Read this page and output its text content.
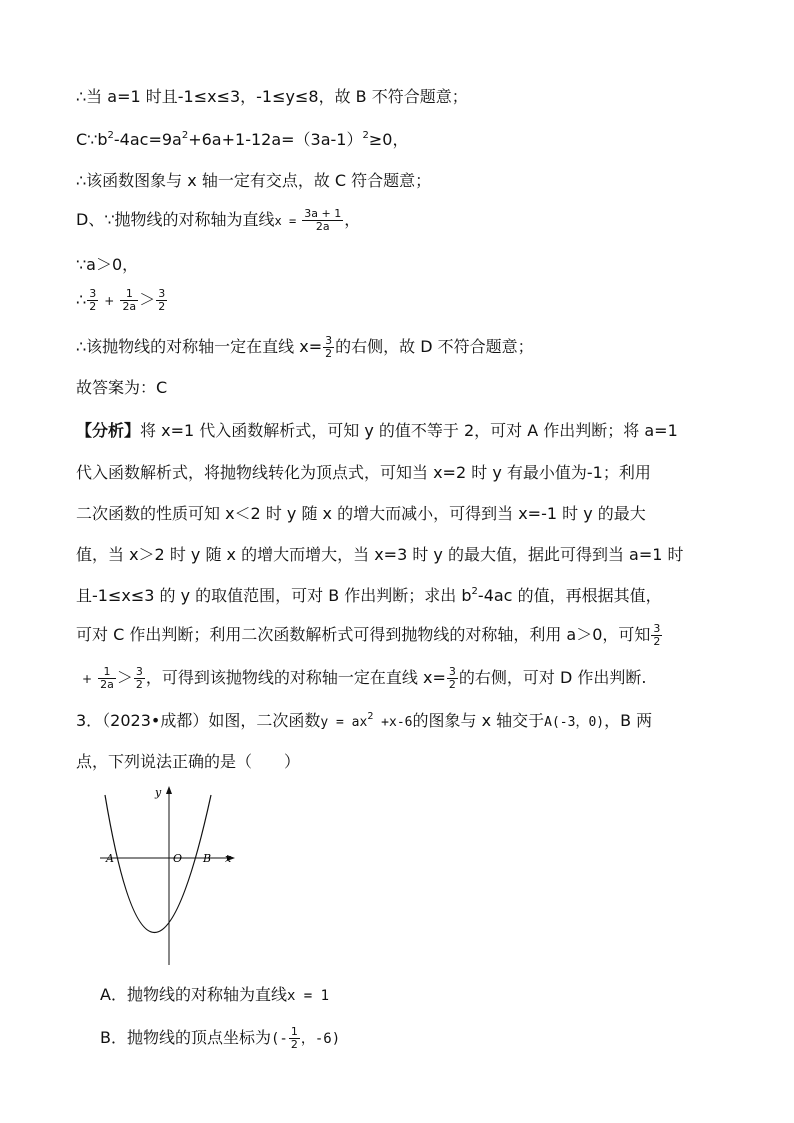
∴当 a=1 时且-1≤x≤3，-1≤y≤8，故 B 不符合题意；
$C\because b^2-4ac=9a^2+6a+1-12a=(3a-1)^2\ge 0$，
∴该函数图象与 x 轴一定有交点，故 C 符合题意；
D、∵抛物线的对称轴为直线$x = \frac{3a + 1}{2a}$ ，
∵a＞0，
∴ $\frac{3}{2} + \frac{1}{2a} > \frac{3}{2}$
∴该抛物线的对称轴一定在直线 $x= \frac{3}{2}$ 的右侧，故 D 不符合题意；
故答案为：C
【分析】将 x=1 代入函数解析式，可知 y 的值不等于 2，可对 A 作出判断；将 a=1
代入函数解析式，将抛物线转化为顶点式，可知当 x=2 时 y 有最小值为-1；利用
二次函数的性质可知 x＜2 时 y 随 x 的增大而减小，可得到当 x=-1 时 y 的最大
值，当 x＞2 时 y 随 x 的增大而增大，当 x=3 时 y 的最大值，据此可得到当 a=1 时
且-1≤x≤3 的 y 的取值范围，可对 B 作出判断；求出 $b^2-4ac$ 的值，再根据其值，
可对 C 作出判断；利用二次函数解析式可得到抛物线的对称轴，利用 a＞0，可知 $\frac{3}{2}$
+ $\frac{1}{2a} > \frac{3}{2}$ ，可得到该抛物线的对称轴一定在直线 $x= \frac{3}{2}$ 的右侧，可对 D 作出判断.
3．（2023•成都）如图，二次函数$y = ax^2 +x-6$的图象与 x 轴交于A(-3，0)，B 两
点，下列说法正确的是（　　）
y
x
O
A	B
A．抛物线的对称轴为直线x = 1
B．抛物线的顶点坐标为(- $\frac{1}{2}$ ，-6)
